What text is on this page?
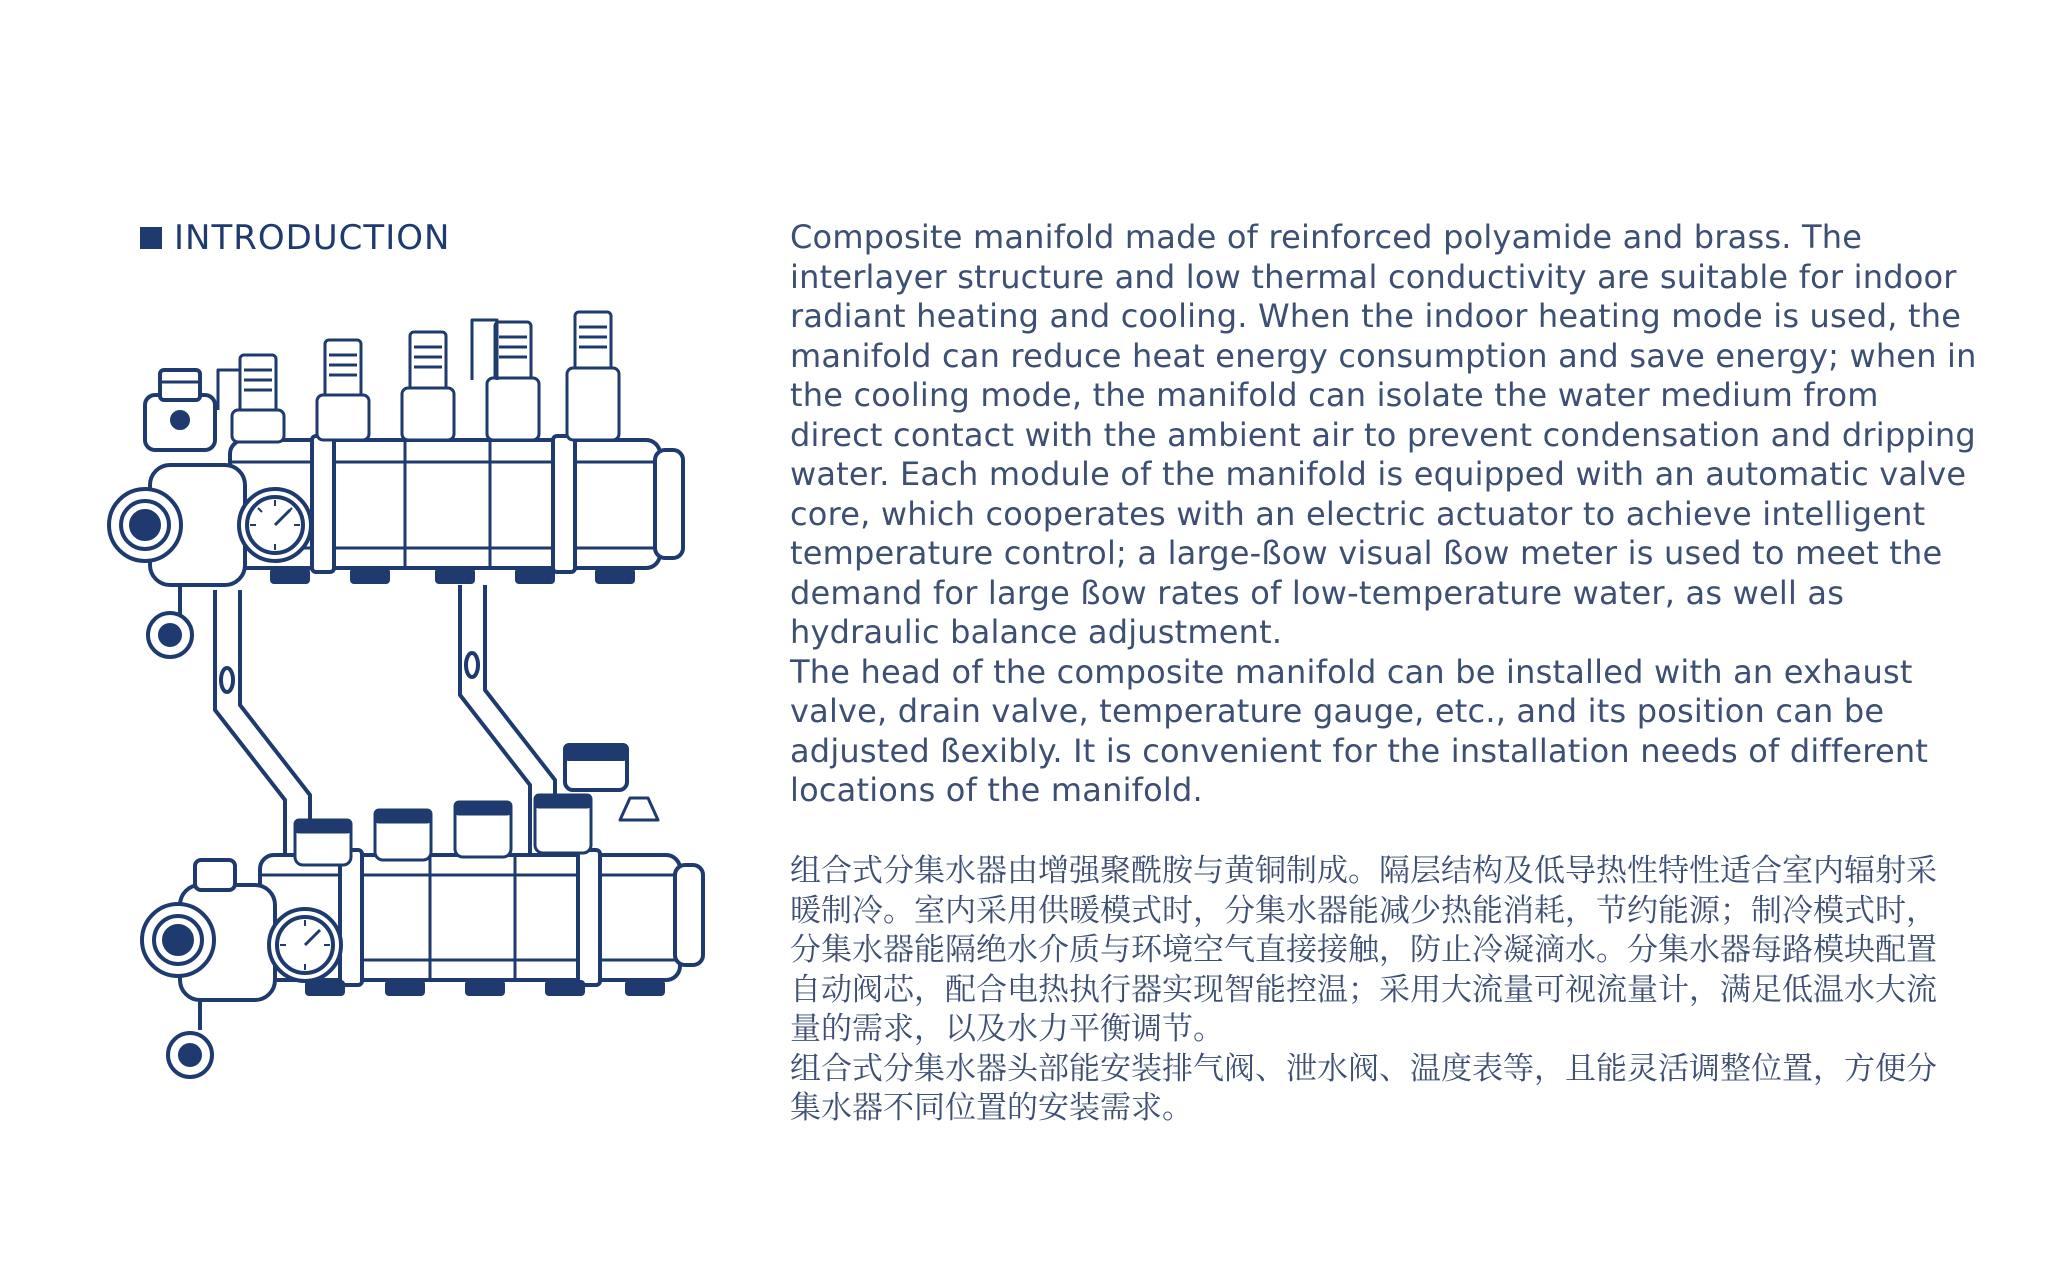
INTRODUCTION	Composite manifold made of reinforced polyamide and brass. The interlayer structure and low thermal conductivity are suitable for indoor radiant heating and cooling. When the indoor heating mode is used, the manifold can reduce heat energy consumption and save energy; when in the cooling mode, the manifold can isolate the water medium from direct contact with the ambient air to prevent condensation and dripping water. Each module of the manifold is equipped with an automatic valve core, which cooperates with an electric actuator to achieve intelligent temperature control; a large-ßow visual ßow meter is used to meet the demand for large ßow rates of low-temperature water, as well as hydraulic balance adjustment.

The head of the composite manifold can be installed with an exhaust valve, drain valve, temperature gauge, etc., and its position can be adjusted ßexibly. It is convenient for the installation needs of different locations of the manifold.

组合式分集水器由增强聚酰胺与黄铜制成。隔层结构及低导热性特性适合室内辐射采暖制冷。室内采用供暖模式时，分集水器能减少热能消耗，节约能源；制冷模式时，分集水器能隔绝水介质与环境空气直接接触，防止冷凝滴水。分集水器每路模块配置自动阀芯，配合电热执行器实现智能控温；采用大流量可视流量计，满足低温水大流量的需求，以及水力平衡调节。

组合式分集水器头部能安装排气阀、泄水阀、温度表等，且能灵活调整位置，方便分集水器不同位置的安装需求。
